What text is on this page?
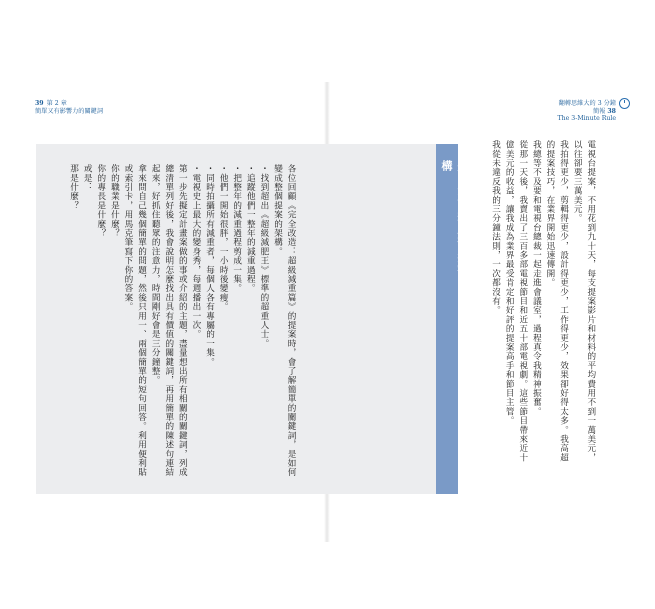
39 第 2 章
簡單又有影響力的關鍵詞
翻轉思維大的 3 分鐘簡報 38
The 3-Minute Rule

電視台提案，不用花到九十天，每支提案影片和材料的平均費用不到一萬美元，以往卻要三萬美元。

我拍得更少，剪輯得更少，設計得更少，工作得更少，效果卻好得太多。我高超的提案技巧，在業界開始迅速傳開。

我總等不及要和電視台總裁一起走進會議室，過程真令我精神振奮。

從那一天後，我賣出了三百多部電視節目和近五十部電視劇。這些節目帶來近十億美元的收益，讓我成為業界最受肯定和好評的提案高手和節目主管。

我從未違反我的三分鐘法則，一次都沒有。

將關鍵詞變成提案架構

各位回顧《完全改造：超級減重篇》的提案時，會了解簡單的關鍵詞，是如何變成整個提案的架構。

・找到超出《超級減肥王》標準的超重人士。

・追蹤他們一整年的減重過程。

・把整年的減重過程剪成一集。

・他們一開始很胖，一小時後變瘦。

・同時拍攝所有減重者，每個人各有專屬的一集。

・電視史上最大的變身秀，每週播出一次。

第一步先擬定計畫案做的事或介紹的主題，盡量想出所有相關的關鍵詞，列成總清單列好後，我會說明怎麼找出具有價值的關鍵詞，再用簡單的陳述句連結起來，好抓住聽眾的注意力，時間剛好會是三分鐘整。

拿來問自己幾個簡單的問題，然後只用一、兩個簡單的短句回答。利用便利貼或索引卡，用馬克筆寫下你的答案。

你的職業是什麼？

你的專長是什麼？

或是：

那是什麼？
